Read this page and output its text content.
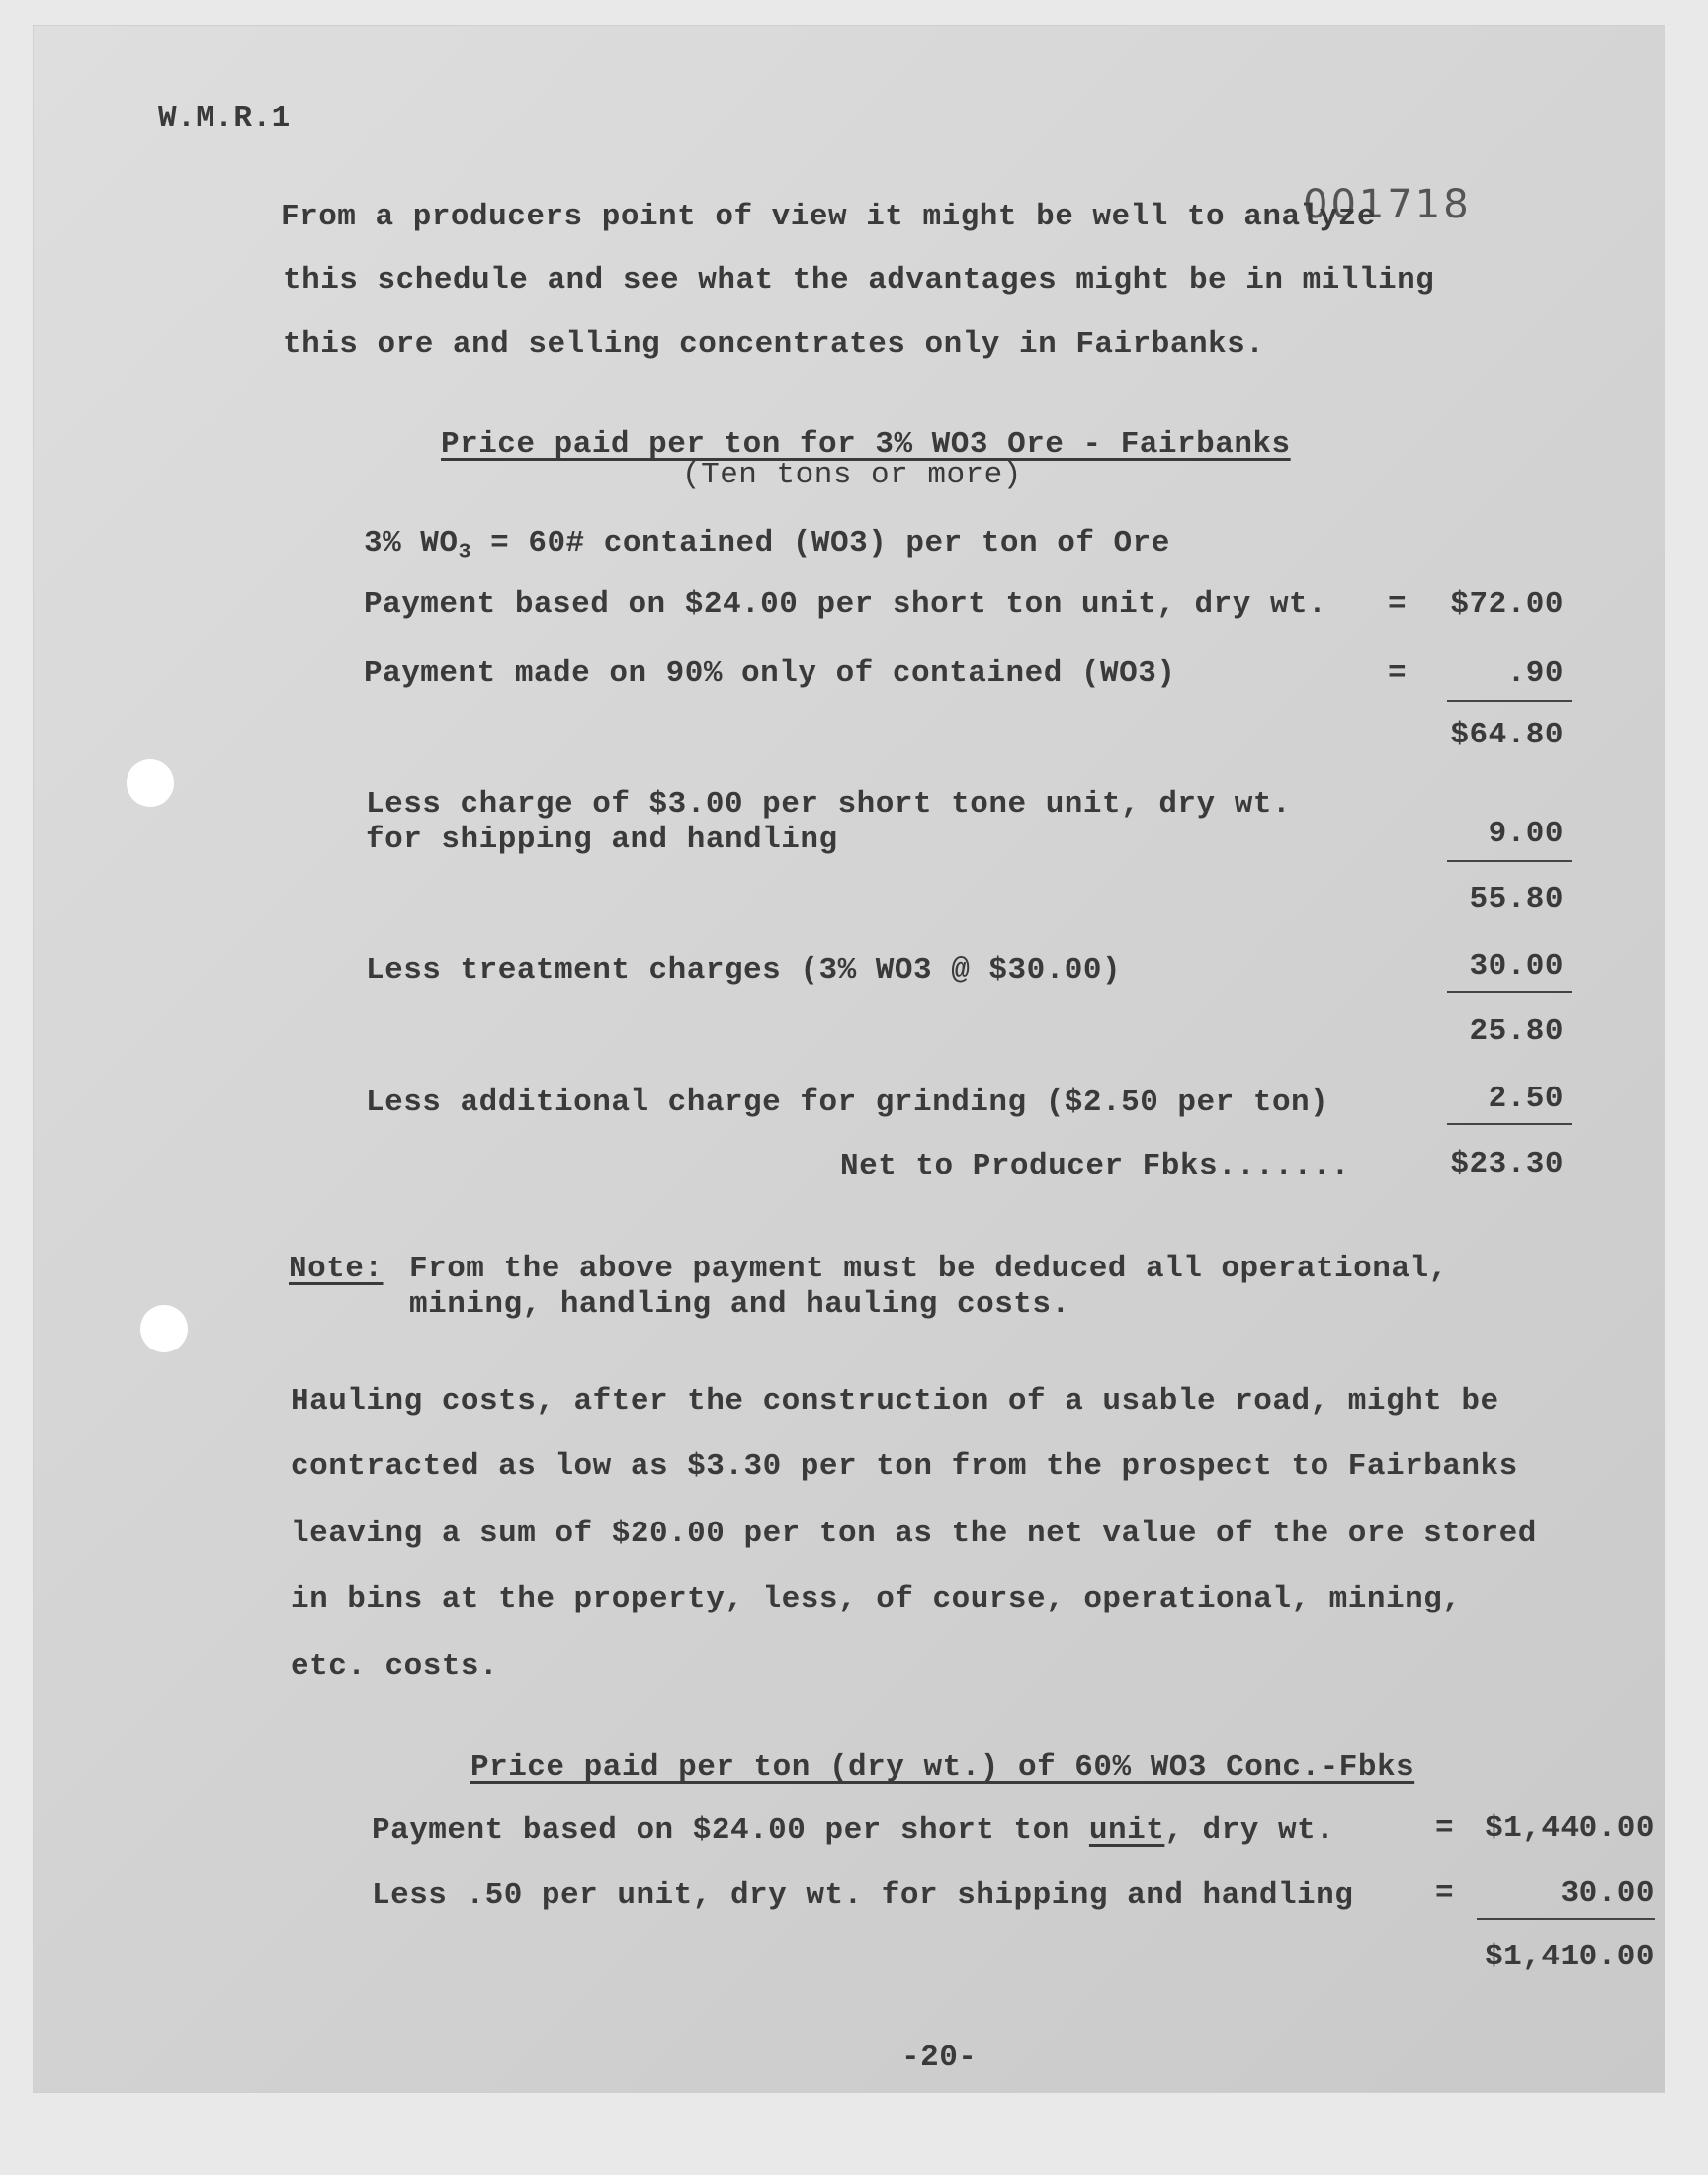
W.M.R.1
001718
From a producers point of view it might be well to analyze
this schedule and see what the advantages might be in milling
this ore and selling concentrates only in Fairbanks.
Price paid per ton for 3% WO3 Ore - Fairbanks
(Ten tons or more)
3% $WO_3$ = 60# contained (WO3) per ton of Ore
Payment based on $24.00 per short ton unit, dry wt. = $72.00
Payment made on 90% only of contained (WO3)	=	.90
$64.80
Less charge of $3.00 per short tone unit, dry wt.
for shipping and handling	9.00
55.80
Less treatment charges (3% WO3 @ $30.00)	30.00
25.80
Less additional charge for grinding ($2.50 per ton)	2.50
Net to Producer Fbks.......	$23.30
Note: From the above payment must be deduced all operational,
mining, handling and hauling costs.
Hauling costs, after the construction of a usable road, might be
contracted as low as $3.30 per ton from the prospect to Fairbanks
leaving a sum of $20.00 per ton as the net value of the ore stored
in bins at the property, less, of course, operational, mining,
etc. costs.
Price paid per ton (dry wt.) of 60% WO3 Conc.-Fbks
Payment based on $24.00 per short ton unit, dry wt.	= $1,440.00
Less .50 per unit, dry wt. for shipping and handling	=	30.00
$1,410.00
-20-
